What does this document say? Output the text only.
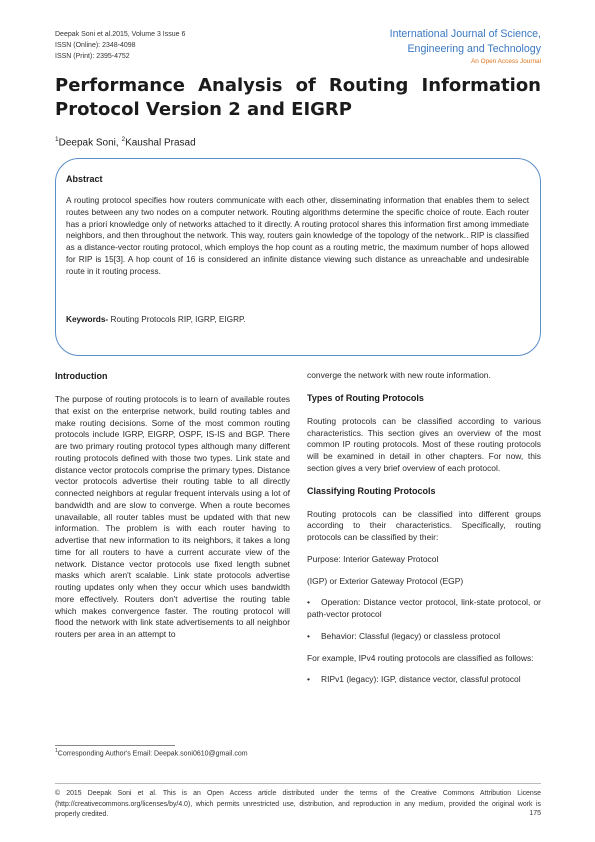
Deepak Soni et al.2015, Volume 3 Issue 6
ISSN (Online): 2348-4098
ISSN (Print): 2395-4752
International Journal of Science,
Engineering and Technology
An Open Access Journal
Performance Analysis of Routing Information
Protocol Version 2 and EIGRP
$^1$Deepak Soni, $^2$Kaushal Prasad
Abstract

A routing protocol specifies how routers communicate with each other, disseminating information that enables them to select routes between any two nodes on a computer network. Routing algorithms determine the specific choice of route. Each router has a priori knowledge only of networks attached to it directly. A routing protocol shares this information first among immediate neighbors, and then throughout the network. This way, routers gain knowledge of the topology of the network.. RIP is classified as a distance-vector routing protocol, which employs the hop count as a routing metric, the maximum number of hops allowed for RIP is 15[3]. A hop count of 16 is considered an infinite distance viewing such distance as unreachable and undesirable route in it routing process.

Keywords- Routing Protocols RIP, IGRP, EIGRP.
Introduction

The purpose of routing protocols is to learn of available routes that exist on the enterprise network, build routing tables and make routing decisions. Some of the most common routing protocols include IGRP, EIGRP, OSPF, IS-IS and BGP. There are two primary routing protocol types although many different routing protocols defined with those two types. Link state and distance vector protocols comprise the primary types. Distance vector protocols advertise their routing table to all directly connected neighbors at regular frequent intervals using a lot of bandwidth and are slow to converge. When a route becomes unavailable, all router tables must be updated with that new information. The problem is with each router having to advertise that new information to its neighbors, it takes a long time for all routers to have a current accurate view of the network. Distance vector protocols use fixed length subnet masks which aren't scalable. Link state protocols advertise routing updates only when they occur which uses bandwidth more effectively. Routers don't advertise the routing table which makes convergence faster. The routing protocol will flood the network with link state advertisements to all neighbor routers per area in an attempt to

converge the network with new route information.

Types of Routing Protocols

Routing protocols can be classified according to various characteristics. This section gives an overview of the most common IP routing protocols. Most of these routing protocols will be examined in detail in other chapters. For now, this section gives a very brief overview of each protocol.

Classifying Routing Protocols

Routing protocols can be classified into different groups according to their characteristics. Specifically, routing protocols can be classified by their:

Purpose: Interior Gateway Protocol

(IGP) or Exterior Gateway Protocol (EGP)

• Operation: Distance vector protocol, link-state protocol, or path-vector protocol

• Behavior: Classful (legacy) or classless protocol

For example, IPv4 routing protocols are classified as follows:

• RIPv1 (legacy): IGP, distance vector, classful protocol

$^1$Corresponding Author's Email: Deepak.soni0610@gmail.com

© 2015 Deepak Soni et al. This is an Open Access article distributed under the terms of the Creative Commons Attribution License (http://creativecommons.org/licenses/by/4.0), which permits unrestricted use, distribution, and reproduction in any medium, provided the original work is properly credited.	175
